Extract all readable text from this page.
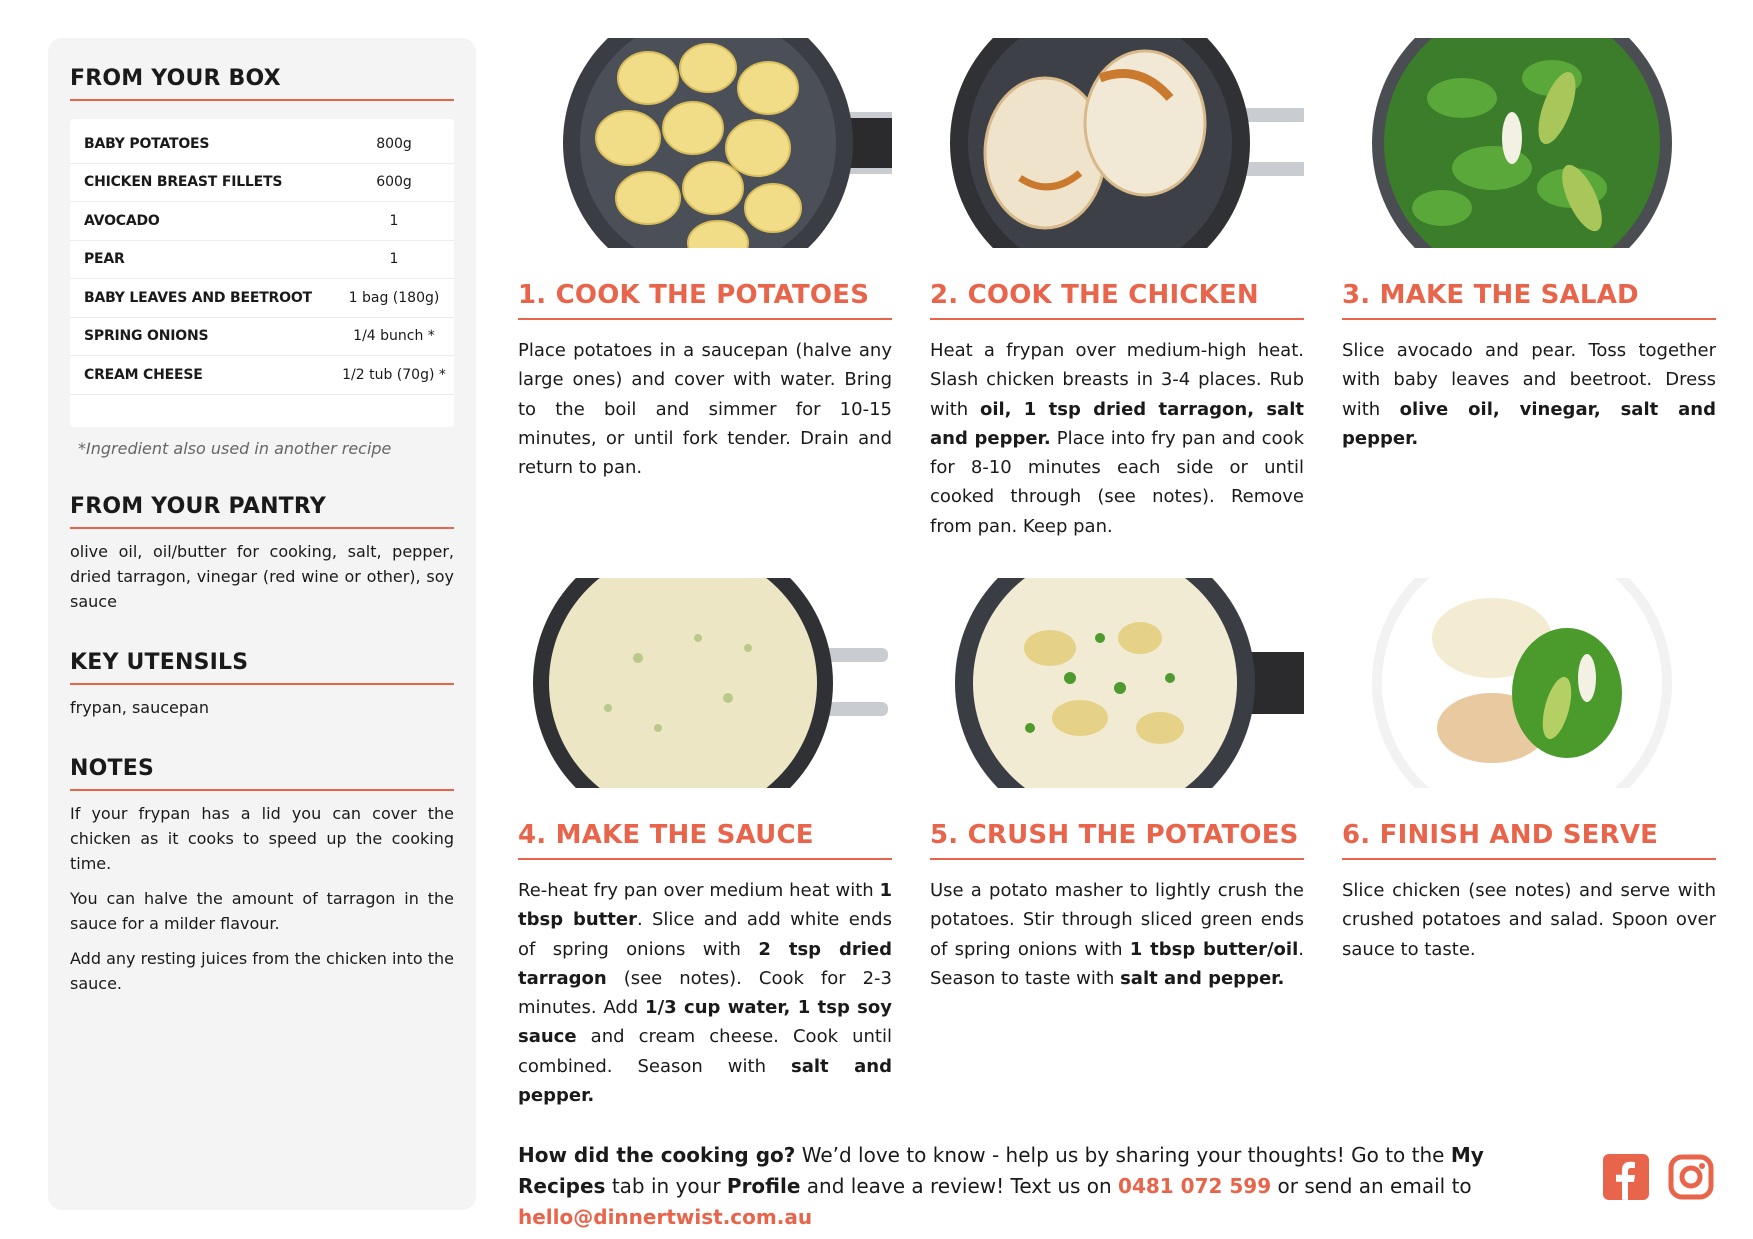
FROM YOUR BOX
BABY POTATOES	800g
CHICKEN BREAST FILLETS	600g
AVOCADO	1
PEAR	1
BABY LEAVES AND BEETROOT	1 bag (180g)
SPRING ONIONS	1/4 bunch *
CREAM CHEESE	1/2 tub (70g) *
*Ingredient also used in another recipe
FROM YOUR PANTRY
olive oil, oil/butter for cooking, salt, pepper, dried tarragon, vinegar (red wine or other), soy sauce
KEY UTENSILS
frypan, saucepan
NOTES

If your frypan has a lid you can cover the chicken as it cooks to speed up the cooking time.

You can halve the amount of tarragon in the sauce for a milder flavour.

Add any resting juices from the chicken into the sauce.

1. COOK THE POTATOES
Place potatoes in a saucepan (halve any large ones) and cover with water. Bring to the boil and simmer for 10-15 minutes, or until fork tender. Drain and return to pan.
2. COOK THE CHICKEN
Heat a frypan over medium-high heat. Slash chicken breasts in 3-4 places. Rub with oil, 1 tsp dried tarragon, salt and pepper. Place into fry pan and cook for 8-10 minutes each side or until cooked through (see notes). Remove from pan. Keep pan.
3. MAKE THE SALAD
Slice avocado and pear. Toss together with baby leaves and beetroot. Dress with olive oil, vinegar, salt and pepper.
4. MAKE THE SAUCE
Re-heat fry pan over medium heat with 1 tbsp butter. Slice and add white ends of spring onions with 2 tsp dried tarragon (see notes). Cook for 2-3 minutes. Add 1/3 cup water, 1 tsp soy sauce and cream cheese. Cook until combined. Season with salt and pepper.
5. CRUSH THE POTATOES
Use a potato masher to lightly crush the potatoes. Stir through sliced green ends of spring onions with 1 tbsp butter/oil. Season to taste with salt and pepper.
6. FINISH AND SERVE
Slice chicken (see notes) and serve with crushed potatoes and salad. Spoon over sauce to taste.
How did the cooking go? We’d love to know - help us by sharing your thoughts! Go to the My Recipes tab in your Profile and leave a review! Text us on 0481 072 599 or send an email to hello@dinnertwist.com.au
